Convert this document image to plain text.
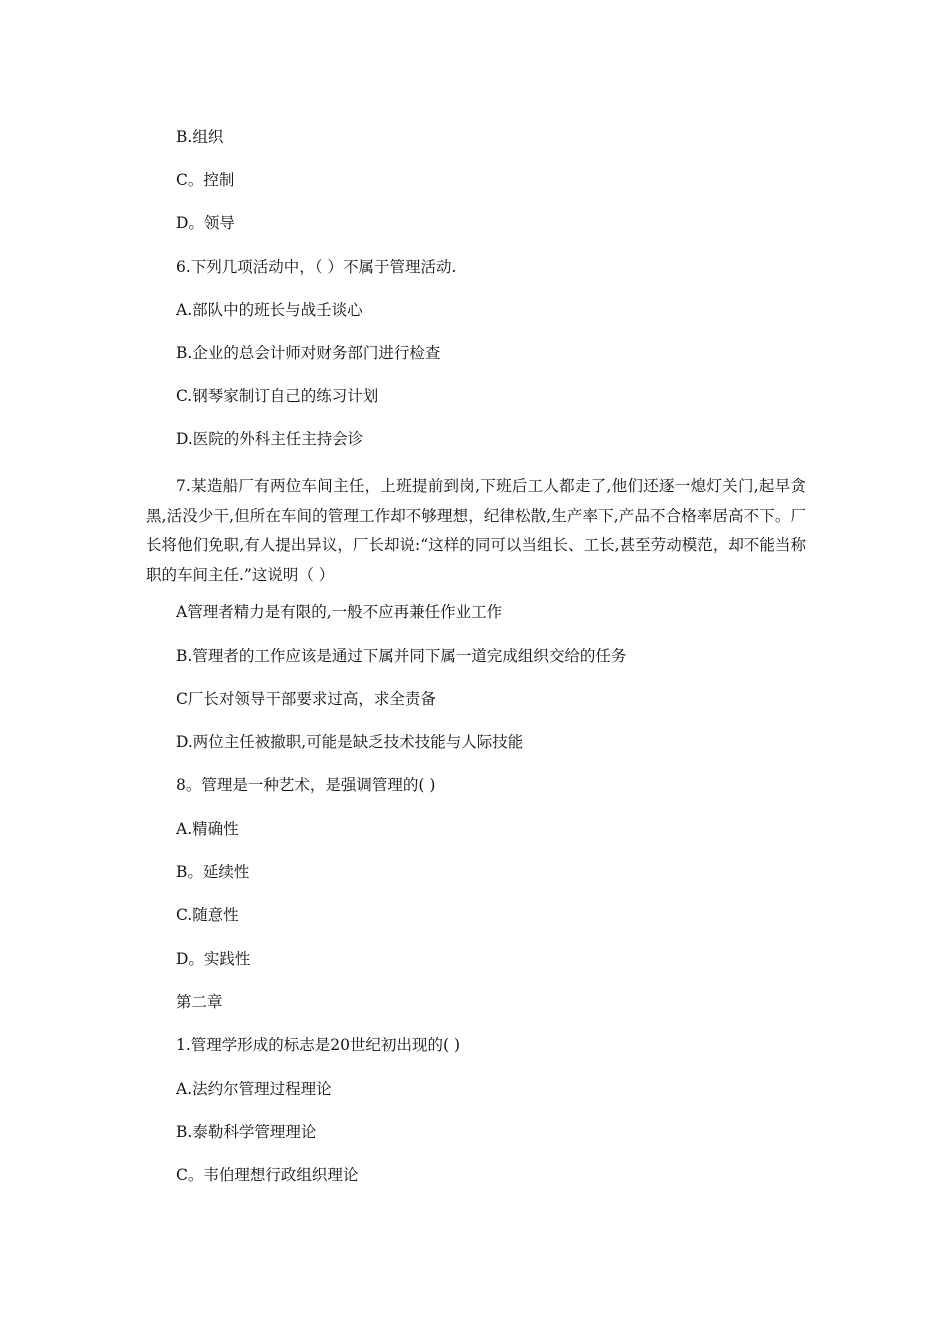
B.组织
C。控制
D。领导
6.下列几项活动中，（ ）不属于管理活动.
A.部队中的班长与战壬谈心
B.企业的总会计师对财务部门进行检查
C.钢琴家制订自己的练习计划
D.医院的外科主任主持会诊
7.某造船厂有两位车间主任，上班提前到岗,下班后工人都走了,他们还逐一熄灯关门,起早贪黑,活没少干,但所在车间的管理工作却不够理想，纪律松散,生产率下,产品不合格率居高不下。厂长将他们免职,有人提出异议，厂长却说:“这样的同可以当组长、工长,甚至劳动模范，却不能当称职的车间主任.”这说明（ ）
A管理者精力是有限的,一般不应再兼任作业工作
B.管理者的工作应该是通过下属并同下属一道完成组织交给的任务
C厂长对领导干部要求过高，求全责备
D.两位主任被撤职,可能是缺乏技术技能与人际技能
8。管理是一种艺术，是强调管理的( )
A.精确性
B。延续性
C.随意性
D。实践性
第二章
1.管理学形成的标志是20世纪初出现的( )
A.法约尔管理过程理论
B.泰勒科学管理理论
C。韦伯理想行政组织理论
